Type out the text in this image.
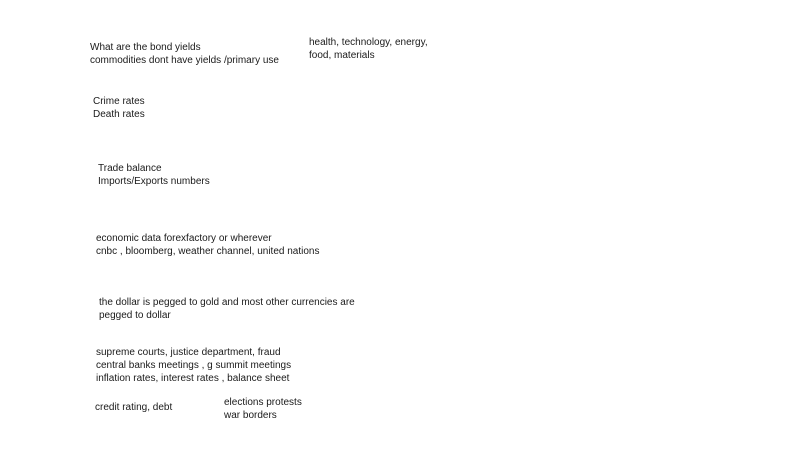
What are the bond yields
commodities dont have yields /primary use
health, technology, energy,
food, materials
Crime rates
Death rates
Trade balance
Imports/Exports numbers
economic data forexfactory or wherever
cnbc , bloomberg, weather channel, united nations
the dollar is pegged to gold and most other currencies are
pegged to dollar
supreme courts, justice department, fraud
central banks meetings , g summit meetings
inflation rates, interest rates , balance sheet
credit rating, debt	elections protests
war borders
